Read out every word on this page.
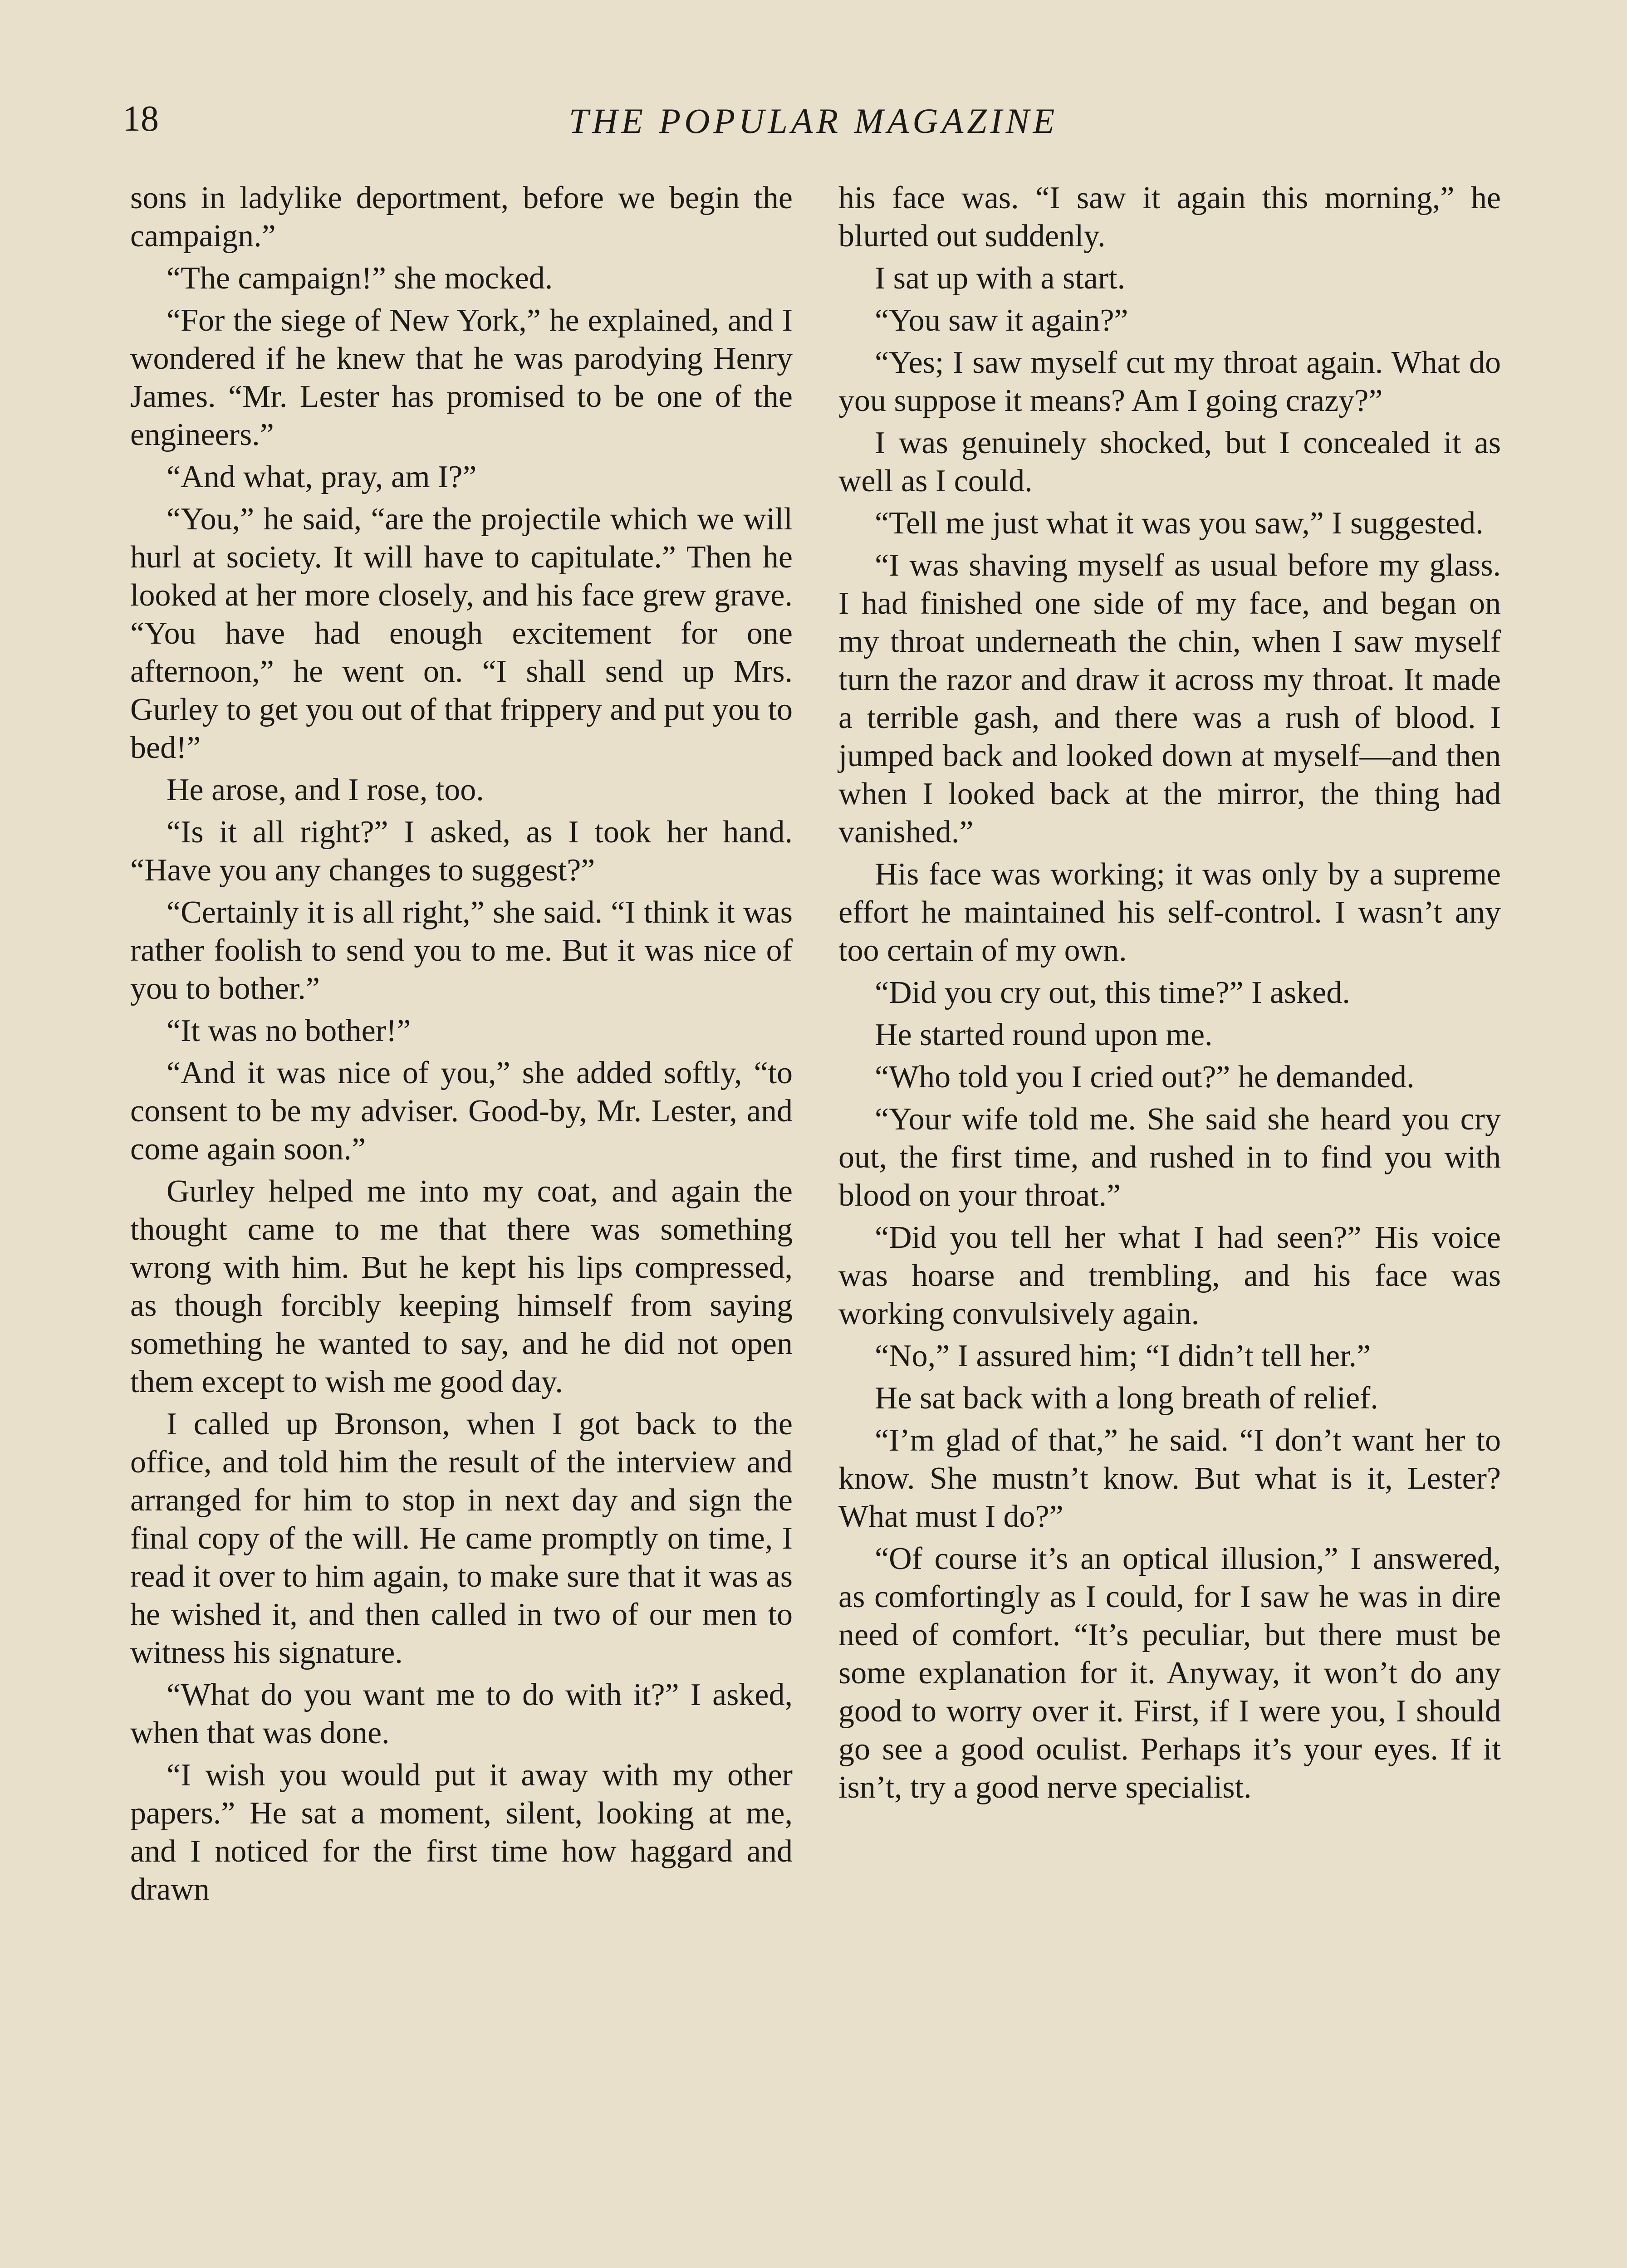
18	THE POPULAR MAGAZINE

sons in ladylike deportment, before we begin the campaign.”

“The campaign!” she mocked.

“For the siege of New York,” he explained, and I wondered if he knew that he was parodying Henry James. “Mr. Lester has promised to be one of the engineers.”

“And what, pray, am I?”

“You,” he said, “are the projectile which we will hurl at society. It will have to capitulate.” Then he looked at her more closely, and his face grew grave. “You have had enough excitement for one afternoon,” he went on. “I shall send up Mrs. Gurley to get you out of that frippery and put you to bed!”

He arose, and I rose, too.

“Is it all right?” I asked, as I took her hand. “Have you any changes to suggest?”

“Certainly it is all right,” she said. “I think it was rather foolish to send you to me. But it was nice of you to bother.”

“It was no bother!”

“And it was nice of you,” she added softly, “to consent to be my adviser. Good-by, Mr. Lester, and come again soon.”

Gurley helped me into my coat, and again the thought came to me that there was something wrong with him. But he kept his lips compressed, as though forcibly keeping himself from saying something he wanted to say, and he did not open them except to wish me good day.

I called up Bronson, when I got back to the office, and told him the result of the interview and arranged for him to stop in next day and sign the final copy of the will. He came promptly on time, I read it over to him again, to make sure that it was as he wished it, and then called in two of our men to witness his signature.

“What do you want me to do with it?” I asked, when that was done.

“I wish you would put it away with my other papers.” He sat a moment, silent, looking at me, and I noticed for the first time how haggard and drawn

his face was. “I saw it again this morning,” he blurted out suddenly.

I sat up with a start.

“You saw it again?”

“Yes; I saw myself cut my throat again. What do you suppose it means? Am I going crazy?”

I was genuinely shocked, but I concealed it as well as I could.

“Tell me just what it was you saw,” I suggested.

“I was shaving myself as usual before my glass. I had finished one side of my face, and began on my throat underneath the chin, when I saw myself turn the razor and draw it across my throat. It made a terrible gash, and there was a rush of blood. I jumped back and looked down at myself—and then when I looked back at the mirror, the thing had vanished.”

His face was working; it was only by a supreme effort he maintained his self-control. I wasn’t any too certain of my own.

“Did you cry out, this time?” I asked.

He started round upon me.

“Who told you I cried out?” he demanded.

“Your wife told me. She said she heard you cry out, the first time, and rushed in to find you with blood on your throat.”

“Did you tell her what I had seen?” His voice was hoarse and trembling, and his face was working convulsively again.

“No,” I assured him; “I didn’t tell her.”

He sat back with a long breath of relief.

“I’m glad of that,” he said. “I don’t want her to know. She mustn’t know. But what is it, Lester? What must I do?”

“Of course it’s an optical illusion,” I answered, as comfortingly as I could, for I saw he was in dire need of comfort. “It’s peculiar, but there must be some explanation for it. Anyway, it won’t do any good to worry over it. First, if I were you, I should go see a good oculist. Perhaps it’s your eyes. If it isn’t, try a good nerve specialist.
